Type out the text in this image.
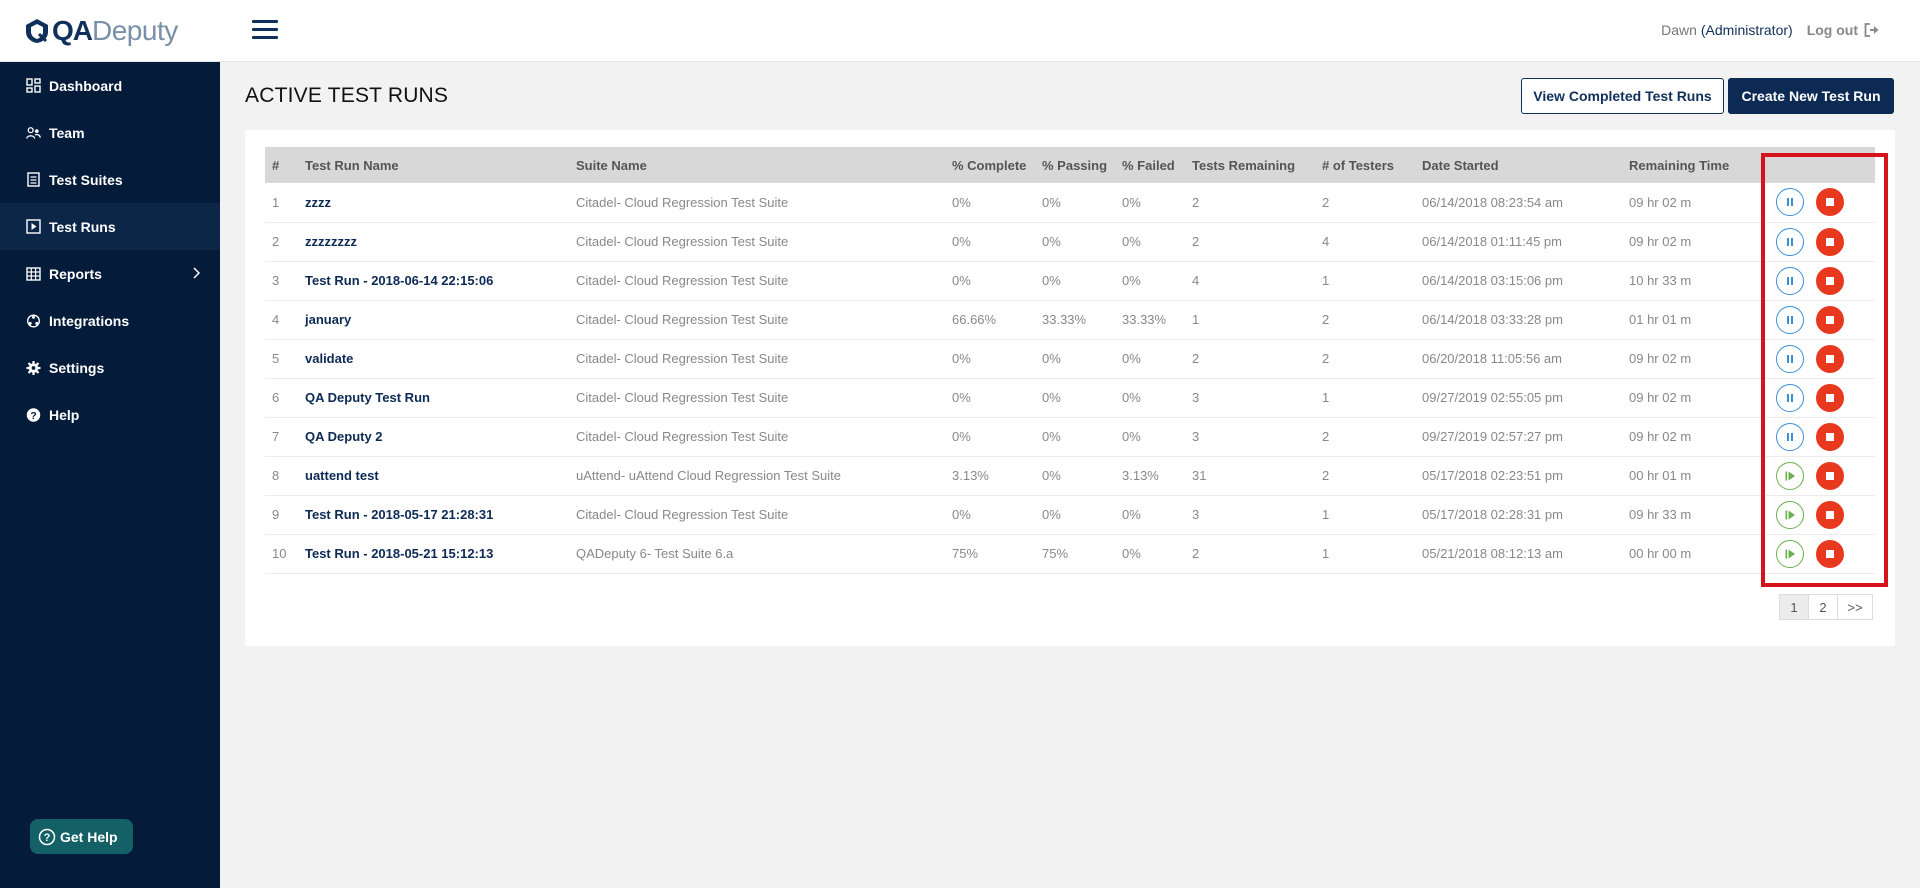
QA Deputy
Dashboard
Team
Test Suites
Test Runs
Reports
Integrations
Settings
? Help
? Get Help
Dawn (Administrator) Log out
ACTIVE TEST RUNS	View Completed Test Runs	Create New Test Run
#	Test Run Name	Suite Name	% Complete	% Passing	% Failed	Tests Remaining	# of Testers	Date Started	Remaining Time	
1	zzzz	Citadel- Cloud Regression Test Suite	0%	0%	0%	2	2	06/14/2018 08:23:54 am	09 hr 02 m	

2	zzzzzzzz	Citadel- Cloud Regression Test Suite	0%	0%	0%	2	4	06/14/2018 01:11:45 pm	09 hr 02 m	

3	Test Run - 2018-06-14 22:15:06	Citadel- Cloud Regression Test Suite	0%	0%	0%	4	1	06/14/2018 03:15:06 pm	10 hr 33 m	

4	january	Citadel- Cloud Regression Test Suite	66.66%	33.33%	33.33%	1	2	06/14/2018 03:33:28 pm	01 hr 01 m	

5	validate	Citadel- Cloud Regression Test Suite	0%	0%	0%	2	2	06/20/2018 11:05:56 am	09 hr 02 m	

6	QA Deputy Test Run	Citadel- Cloud Regression Test Suite	0%	0%	0%	3	1	09/27/2019 02:55:05 pm	09 hr 02 m	

7	QA Deputy 2	Citadel- Cloud Regression Test Suite	0%	0%	0%	3	2	09/27/2019 02:57:27 pm	09 hr 02 m	

8	uattend test	uAttend- uAttend Cloud Regression Test Suite	3.13%	0%	3.13%	31	2	05/17/2018 02:23:51 pm	00 hr 01 m	

9	Test Run - 2018-05-17 21:28:31	Citadel- Cloud Regression Test Suite	0%	0%	0%	3	1	05/17/2018 02:28:31 pm	09 hr 33 m	

10	Test Run - 2018-05-21 15:12:13	QADeputy 6- Test Suite 6.a	75%	75%	0%	2	1	05/21/2018 08:12:13 am	00 hr 00 m	
1	2	>>
